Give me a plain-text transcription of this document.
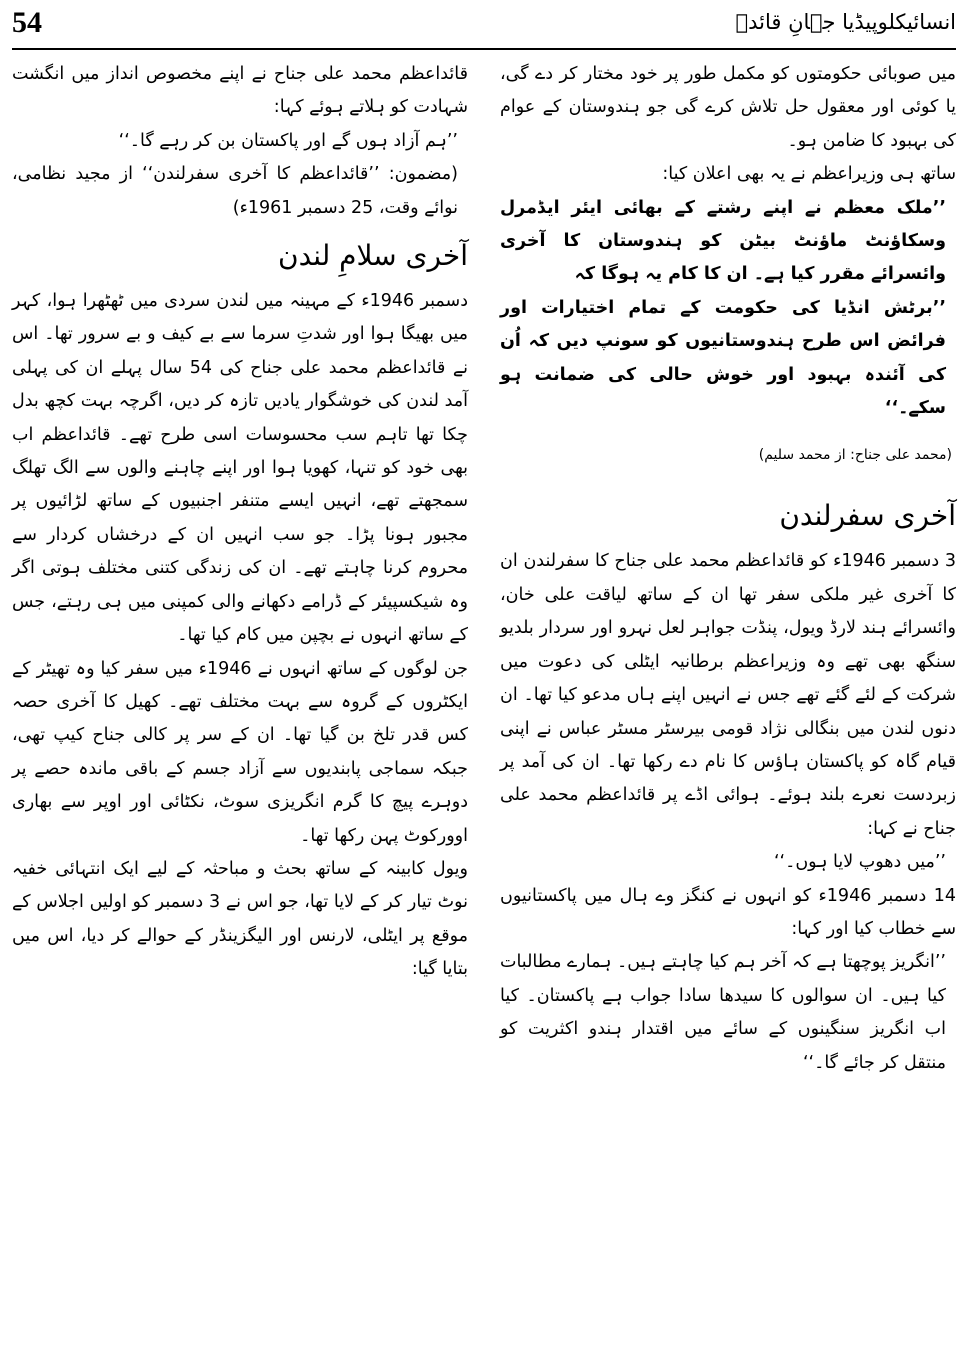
54	انسائیکلوپیڈیا جہانِ قائدؒ

میں صوبائی حکومتوں کو مکمل طور پر خود مختار کر دے گی، یا کوئی اور معقول حل تلاش کرے گی جو ہندوستان کے عوام کی بہبود کا ضامن ہو۔

ساتھ ہی وزیراعظم نے یہ بھی اعلان کیا:

’’ملک معظم نے اپنے رشتے کے بھائی ایئر ایڈمرل وسکاؤنٹ ماؤنٹ بیٹن کو ہندوستان کا آخری وائسرائے مقرر کیا ہے۔ ان کا کام یہ ہوگا کہ

’’برٹش انڈیا کی حکومت کے تمام اختیارات اور فرائض اس طرح ہندوستانیوں کو سونپ دیں کہ اُن کی آئندہ بہبود اور خوش حالی کی ضمانت ہو سکے۔‘‘

(محمد علی جناح: از محمد سلیم)

آخری سفرلندن

3 دسمبر 1946ء کو قائداعظم محمد علی جناح کا سفرلندن ان کا آخری غیر ملکی سفر تھا ان کے ساتھ لیاقت علی خان، وائسرائے ہند لارڈ ویول، پنڈت جواہر لعل نہرو اور سردار بلدیو سنگھ بھی تھے وہ وزیراعظم برطانیہ ایٹلی کی دعوت میں شرکت کے لئے گئے تھے جس نے انہیں اپنے ہاں مدعو کیا تھا۔ ان دنوں لندن میں بنگالی نژاد قومی بیرسٹر مسٹر عباس نے اپنی قیام گاہ کو پاکستان ہاؤس کا نام دے رکھا تھا۔ ان کی آمد پر زبردست نعرے بلند ہوئے۔ ہوائی اڈے پر قائداعظم محمد علی جناح نے کہا:

’’میں دھوپ لایا ہوں۔‘‘

14 دسمبر 1946ء کو انہوں نے کنگز وے ہال میں پاکستانیوں سے خطاب کیا اور کہا:

’’انگریز پوچھتا ہے کہ آخر ہم کیا چاہتے ہیں۔ ہمارے مطالبات کیا ہیں۔ ان سوالوں کا سیدھا سادا جواب ہے پاکستان۔ کیا اب انگریز سنگینوں کے سائے میں اقتدار ہندو اکثریت کو منتقل کر جائے گا۔‘‘

قائداعظم محمد علی جناح نے اپنے مخصوص انداز میں انگشت شہادت کو ہلاتے ہوئے کہا:

’’ہم آزاد ہوں گے اور پاکستان بن کر رہے گا۔‘‘

(مضمون: ’’قائداعظم کا آخری سفرلندن‘‘ از مجید نظامی، نوائے وقت، 25 دسمبر 1961ء)

آخری سلامِ لندن

دسمبر 1946ء کے مہینہ میں لندن سردی میں ٹھٹھرا ہوا، کہر میں بھیگا ہوا اور شدتِ سرما سے بے کیف و بے سرور تھا۔ اس نے قائداعظم محمد علی جناح کی 54 سال پہلے ان کی پہلی آمد لندن کی خوشگوار یادیں تازہ کر دیں، اگرچہ بہت کچھ بدل چکا تھا تاہم سب محسوسات اسی طرح تھے۔ قائداعظم اب بھی خود کو تنہا، کھویا ہوا اور اپنے چاہنے والوں سے الگ تھلگ سمجھتے تھے، انہیں ایسے متنفر اجنبیوں کے ساتھ لڑائیوں پر مجبور ہونا پڑا۔ جو سب انہیں ان کے درخشاں کردار سے محروم کرنا چاہتے تھے۔ ان کی زندگی کتنی مختلف ہوتی اگر وہ شیکسپیئر کے ڈرامے دکھانے والی کمپنی میں ہی رہتے، جس کے ساتھ انہوں نے بچپن میں کام کیا تھا۔

جن لوگوں کے ساتھ انہوں نے 1946ء میں سفر کیا وہ تھیٹر کے ایکٹروں کے گروہ سے بہت مختلف تھے۔ کھیل کا آخری حصہ کس قدر تلخ بن گیا تھا۔ ان کے سر پر کالی جناح کیپ تھی، جبکہ سماجی پابندیوں سے آزاد جسم کے باقی ماندہ حصے پر دوہرے پیچ کا گرم انگریزی سوٹ، نکٹائی اور اوپر سے بھاری اوورکوٹ پہن رکھا تھا۔

ویول کابینہ کے ساتھ بحث و مباحثہ کے لیے ایک انتہائی خفیہ نوٹ تیار کر کے لایا تھا، جو اس نے 3 دسمبر کو اولیں اجلاس کے موقع پر ایٹلی، لارنس اور الیگزینڈر کے حوالے کر دیا، اس میں بتایا گیا:
